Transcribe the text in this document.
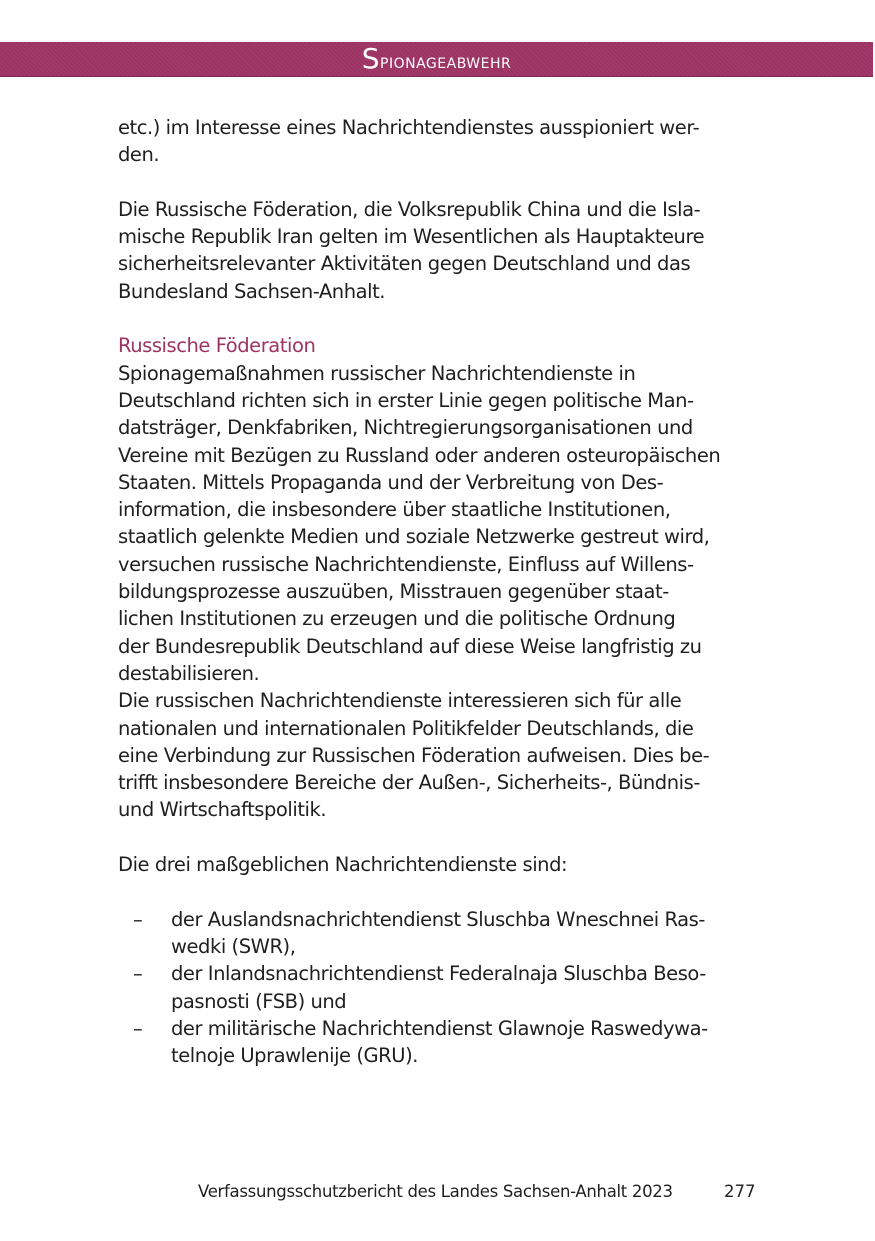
Spionageabwehr

etc.) im Interesse eines Nachrichtendienstes ausspioniert wer-
den.

Die Russische Föderation, die Volksrepublik China und die Isla-
mische Republik Iran gelten im Wesentlichen als Hauptakteure
sicherheitsrelevanter Aktivitäten gegen Deutschland und das
Bundesland Sachsen-Anhalt.

Russische Föderation

Spionagemaßnahmen russischer Nachrichtendienste in
Deutschland richten sich in erster Linie gegen politische Man-
datsträger, Denkfabriken, Nichtregierungsorganisationen und
Vereine mit Bezügen zu Russland oder anderen osteuropäischen
Staaten. Mittels Propaganda und der Verbreitung von Des-
information, die insbesondere über staatliche Institutionen,
staatlich gelenkte Medien und soziale Netzwerke gestreut wird,
versuchen russische Nachrichtendienste, Einfluss auf Willens-
bildungsprozesse auszuüben, Misstrauen gegenüber staat-
lichen Institutionen zu erzeugen und die politische Ordnung
der Bundesrepublik Deutschland auf diese Weise langfristig zu
destabilisieren.

Die russischen Nachrichtendienste interessieren sich für alle
nationalen und internationalen Politikfelder Deutschlands, die
eine Verbindung zur Russischen Föderation aufweisen. Dies be-
trifft insbesondere Bereiche der Außen-, Sicherheits-, Bündnis-
und Wirtschaftspolitik.

Die drei maßgeblichen Nachrichtendienste sind:

– der Auslandsnachrichtendienst Sluschba Wneschnei Ras-
wedki (SWR),
– der Inlandsnachrichtendienst Federalnaja Sluschba Beso-
pasnosti (FSB) und
– der militärische Nachrichtendienst Glawnoje Raswedywa-
telnoje Uprawlenije (GRU).
Verfassungsschutzbericht des Landes Sachsen-Anhalt 2023	277
